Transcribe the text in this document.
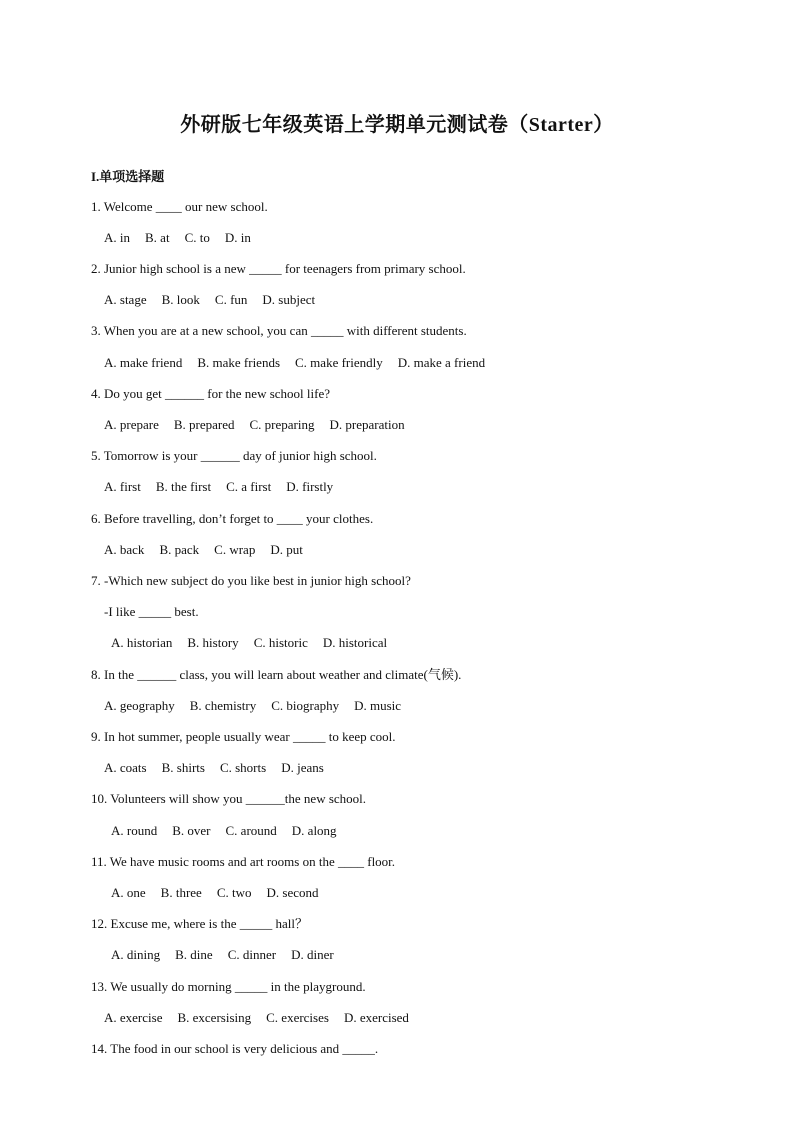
外研版七年级英语上学期单元测试卷（Starter）
I.单项选择题
1. Welcome ____ our new school.
A. in B. at C. to D. in
2. Junior high school is a new _____ for teenagers from primary school.
A. stage B. look C. fun D. subject
3. When you are at a new school, you can _____ with different students.
A. make friend B. make friends C. make friendly D. make a friend
4. Do you get ______ for the new school life?
A. prepare B. prepared C. preparing D. preparation
5. Tomorrow is your ______ day of junior high school.
A. first B. the first C. a first D. firstly
6. Before travelling, don’t forget to ____ your clothes.
A. back B. pack C. wrap D. put
7. -Which new subject do you like best in junior high school?
-I like _____ best.
A. historian B. history C. historic D. historical
8. In the ______ class, you will learn about weather and climate(气候).
A. geography B. chemistry C. biography D. music
9. In hot summer, people usually wear _____ to keep cool.
A. coats B. shirts C. shorts D. jeans
10. Volunteers will show you ______the new school.
A. round B. over C. around D. along
11. We have music rooms and art rooms on the ____ floor.
A. one B. three C. two D. second
12. Excuse me, where is the _____ hall？
A. dining B. dine C. dinner D. diner
13. We usually do morning _____ in the playground.
A. exercise B. excersising C. exercises D. exercised
14. The food in our school is very delicious and _____.
